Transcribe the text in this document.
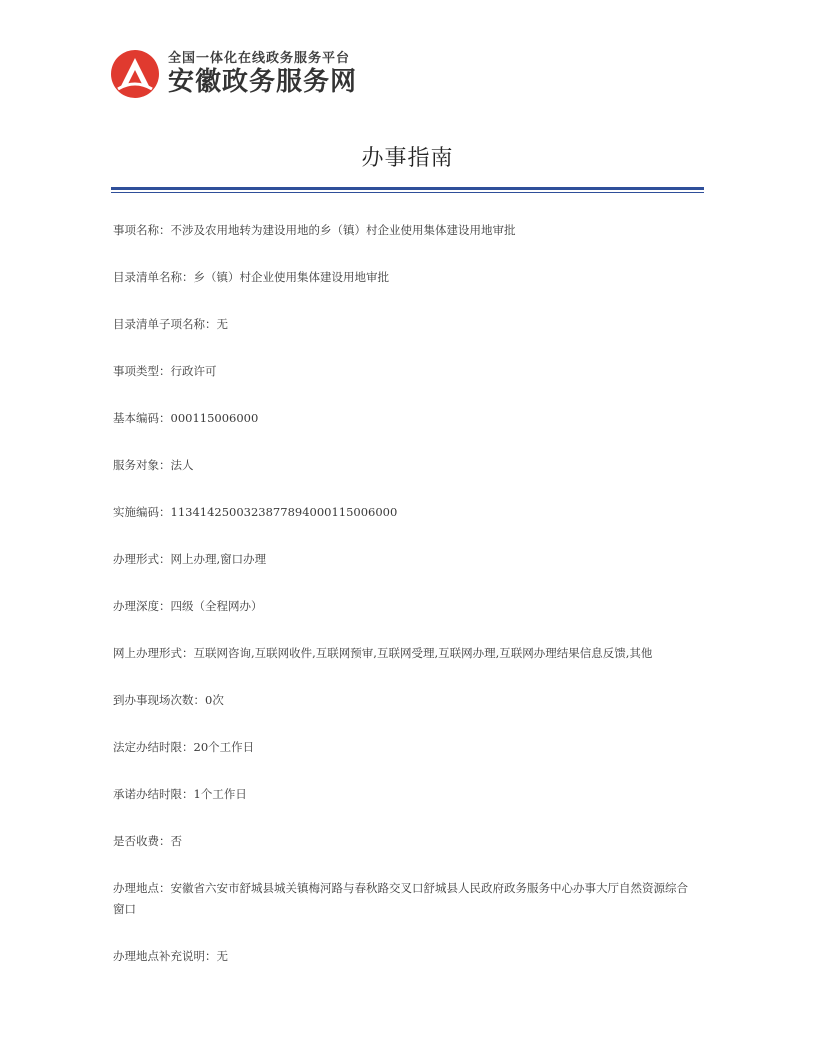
全国一体化在线政务服务平台
安徽政务服务网
办事指南
事项名称：不涉及农用地转为建设用地的乡（镇）村企业使用集体建设用地审批
目录清单名称：乡（镇）村企业使用集体建设用地审批
目录清单子项名称：无
事项类型：行政许可
基本编码：000115006000
服务对象：法人
实施编码：11341425003238778940001150060​00
办理形式：网上办理,窗口办理
办理深度：四级（全程网办）
网上办理形式：互联网咨询,互联网收件,互联网预审,互联网受理,互联网办理,互联网办理结果信息反馈,其他
到办事现场次数：0次
法定办结时限：20个工作日
承诺办结时限：1个工作日
是否收费：否
办理地点：安徽省六安市舒城县城关镇梅河路与春秋路交叉口舒城县人民政府政务服务中心办事大厅自然资源综合窗口
办理地点补充说明：无
